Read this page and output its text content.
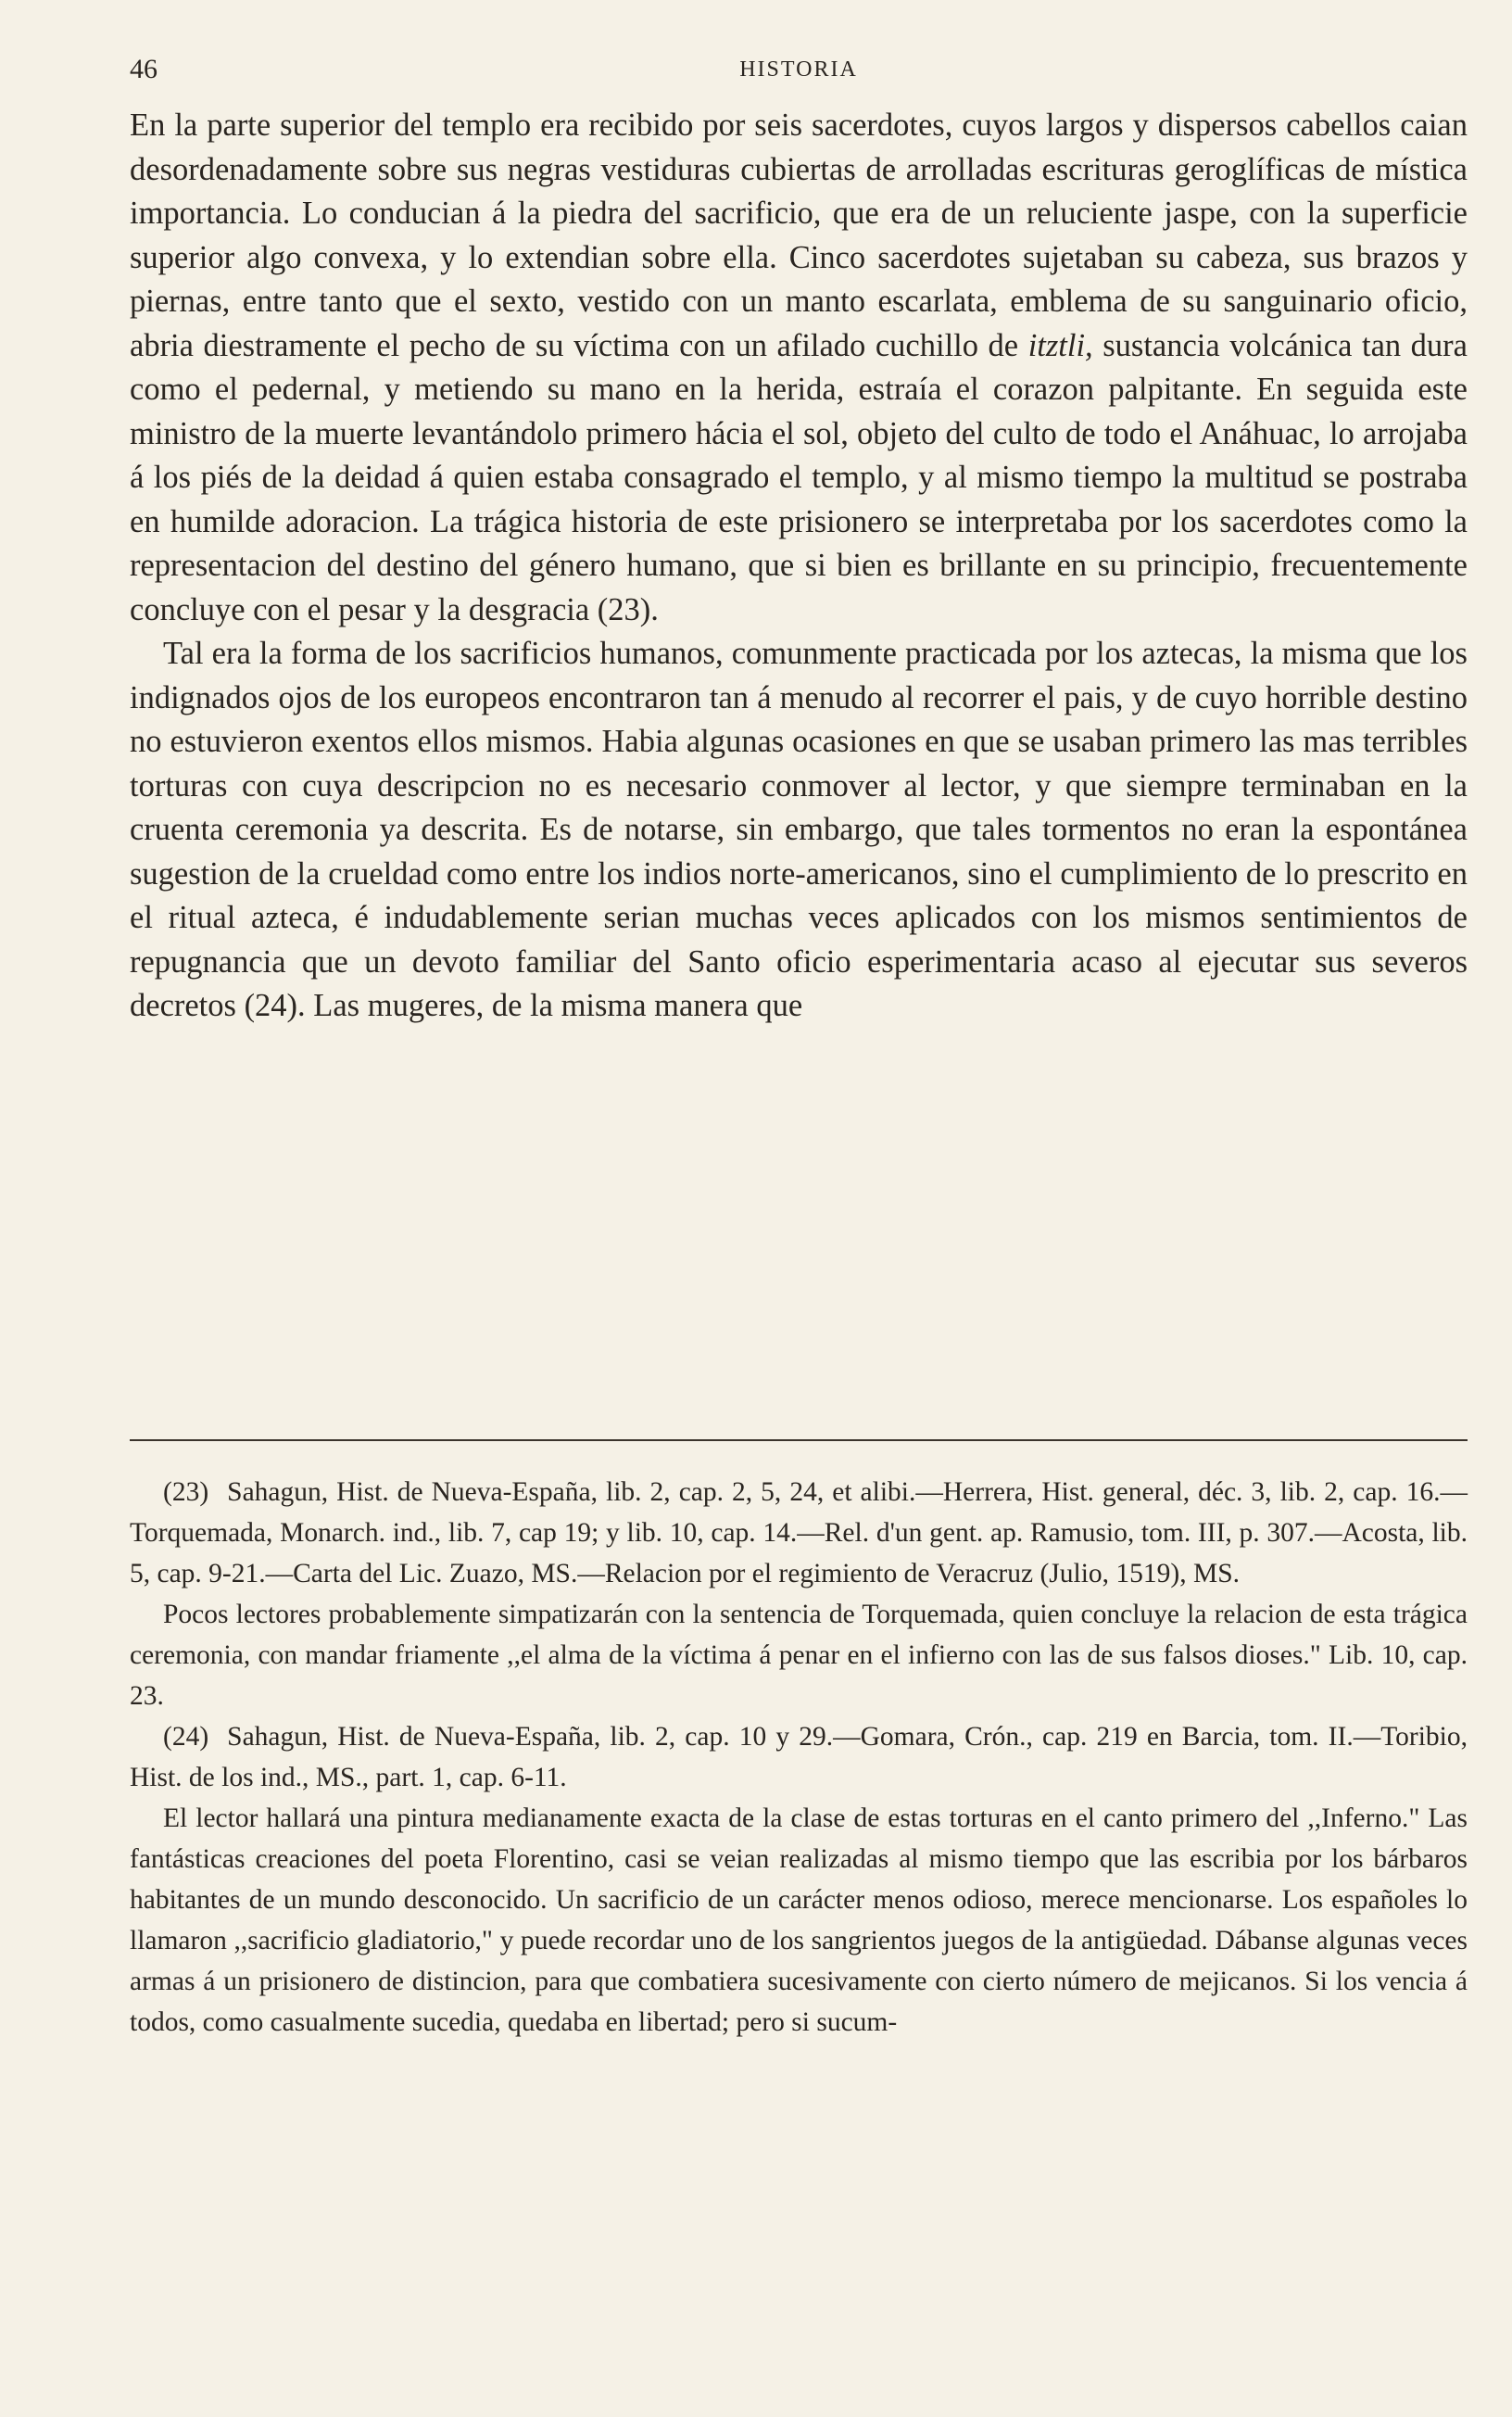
46	HISTORIA

En la parte superior del templo era recibido por seis sacerdotes, cuyos largos y dispersos cabellos caian desordenadamente sobre sus negras vestiduras cubiertas de arrolladas escrituras geroglíficas de mística importancia. Lo conducian á la piedra del sacrificio, que era de un reluciente jaspe, con la superficie superior algo convexa, y lo extendian sobre ella. Cinco sacerdotes sujetaban su cabeza, sus brazos y piernas, entre tanto que el sexto, vestido con un manto escarlata, emblema de su sanguinario oficio, abria diestramente el pecho de su víctima con un afilado cuchillo de itztli, sustancia volcánica tan dura como el pedernal, y metiendo su mano en la herida, estraía el corazon palpitante. En seguida este ministro de la muerte levantándolo primero hácia el sol, objeto del culto de todo el Anáhuac, lo arrojaba á los piés de la deidad á quien estaba consagrado el templo, y al mismo tiempo la multitud se postraba en humilde adoracion. La trágica historia de este prisionero se interpretaba por los sacerdotes como la representacion del destino del género humano, que si bien es brillante en su principio, frecuentemente concluye con el pesar y la desgracia (23).

Tal era la forma de los sacrificios humanos, comunmente practicada por los aztecas, la misma que los indignados ojos de los europeos encontraron tan á menudo al recorrer el pais, y de cuyo horrible destino no estuvieron exentos ellos mismos. Habia algunas ocasiones en que se usaban primero las mas terribles torturas con cuya descripcion no es necesario conmover al lector, y que siempre terminaban en la cruenta ceremonia ya descrita. Es de notarse, sin embargo, que tales tormentos no eran la espontánea sugestion de la crueldad como entre los indios norte-americanos, sino el cumplimiento de lo prescrito en el ritual azteca, é indudablemente serian muchas veces aplicados con los mismos sentimientos de repugnancia que un devoto familiar del Santo oficio esperimentaria acaso al ejecutar sus severos decretos (24). Las mugeres, de la misma manera que

(23) Sahagun, Hist. de Nueva-España, lib. 2, cap. 2, 5, 24, et alibi.—Herrera, Hist. general, déc. 3, lib. 2, cap. 16.—Torquemada, Monarch. ind., lib. 7, cap 19; y lib. 10, cap. 14.—Rel. d'un gent. ap. Ramusio, tom. III, p. 307.—Acosta, lib. 5, cap. 9-21.—Carta del Lic. Zuazo, MS.—Relacion por el regimiento de Veracruz (Julio, 1519), MS.

Pocos lectores probablemente simpatizarán con la sentencia de Torquemada, quien concluye la relacion de esta trágica ceremonia, con mandar friamente ,,el alma de la víctima á penar en el infierno con las de sus falsos dioses." Lib. 10, cap. 23.

(24) Sahagun, Hist. de Nueva-España, lib. 2, cap. 10 y 29.—Gomara, Crón., cap. 219 en Barcia, tom. II.—Toribio, Hist. de los ind., MS., part. 1, cap. 6-11.

El lector hallará una pintura medianamente exacta de la clase de estas torturas en el canto primero del ,,Inferno." Las fantásticas creaciones del poeta Florentino, casi se veian realizadas al mismo tiempo que las escribia por los bárbaros habitantes de un mundo desconocido. Un sacrificio de un carácter menos odioso, merece mencionarse. Los españoles lo llamaron ,,sacrificio gladiatorio," y puede recordar uno de los sangrientos juegos de la antigüedad. Dábanse algunas veces armas á un prisionero de distincion, para que combatiera sucesivamente con cierto número de mejicanos. Si los vencia á todos, como casualmente sucedia, quedaba en libertad; pero si sucum-
